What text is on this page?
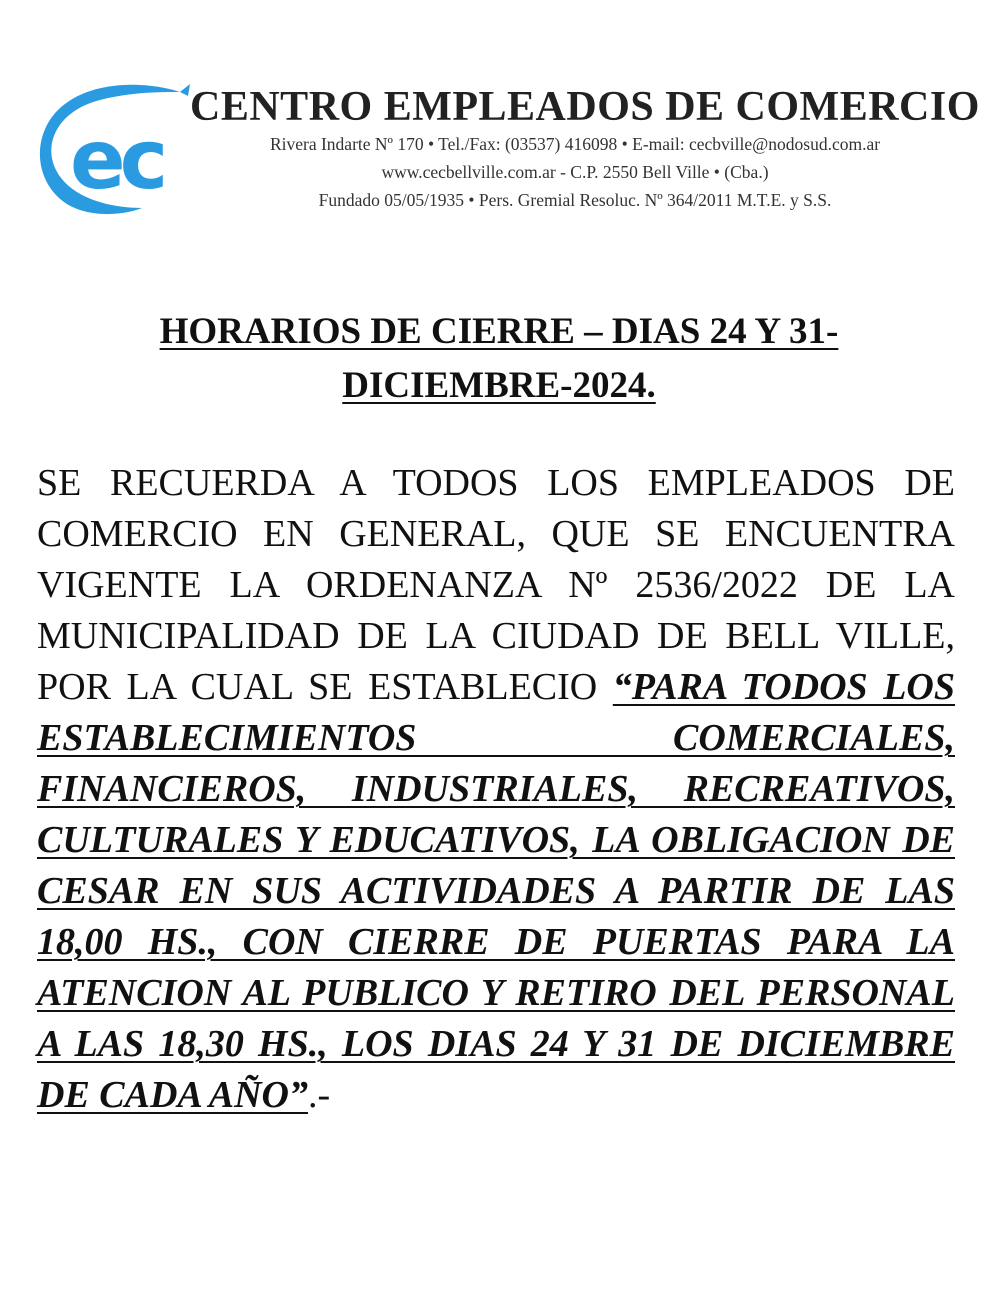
ec
CENTRO EMPLEADOS DE COMERCIO
Rivera Indarte Nº 170 • Tel./Fax: (03537) 416098 • E-mail: cecbville@nodosud.com.ar
www.cecbellville.com.ar - C.P. 2550 Bell Ville • (Cba.)
Fundado 05/05/1935 • Pers. Gremial Resoluc. Nº 364/2011 M.T.E. y S.S.
HORARIOS DE CIERRE – DIAS 24 Y 31-
DICIEMBRE-2024.
SE RECUERDA A TODOS LOS EMPLEADOS DE COMERCIO EN GENERAL, QUE SE ENCUENTRA VIGENTE LA ORDENANZA Nº 2536/2022 DE LA MUNICIPALIDAD DE LA CIUDAD DE BELL VILLE, POR LA CUAL SE ESTABLECIO “PARA TODOS LOS ESTABLECIMIENTOS COMERCIALES, FINANCIEROS, INDUSTRIALES, RECREATIVOS, CULTURALES Y EDUCATIVOS, LA OBLIGACION DE CESAR EN SUS ACTIVIDADES A PARTIR DE LAS 18,00 HS., CON CIERRE DE PUERTAS PARA LA ATENCION AL PUBLICO Y RETIRO DEL PERSONAL A LAS 18,30 HS., LOS DIAS 24 Y 31 DE DICIEMBRE DE CADA AÑO”.-
